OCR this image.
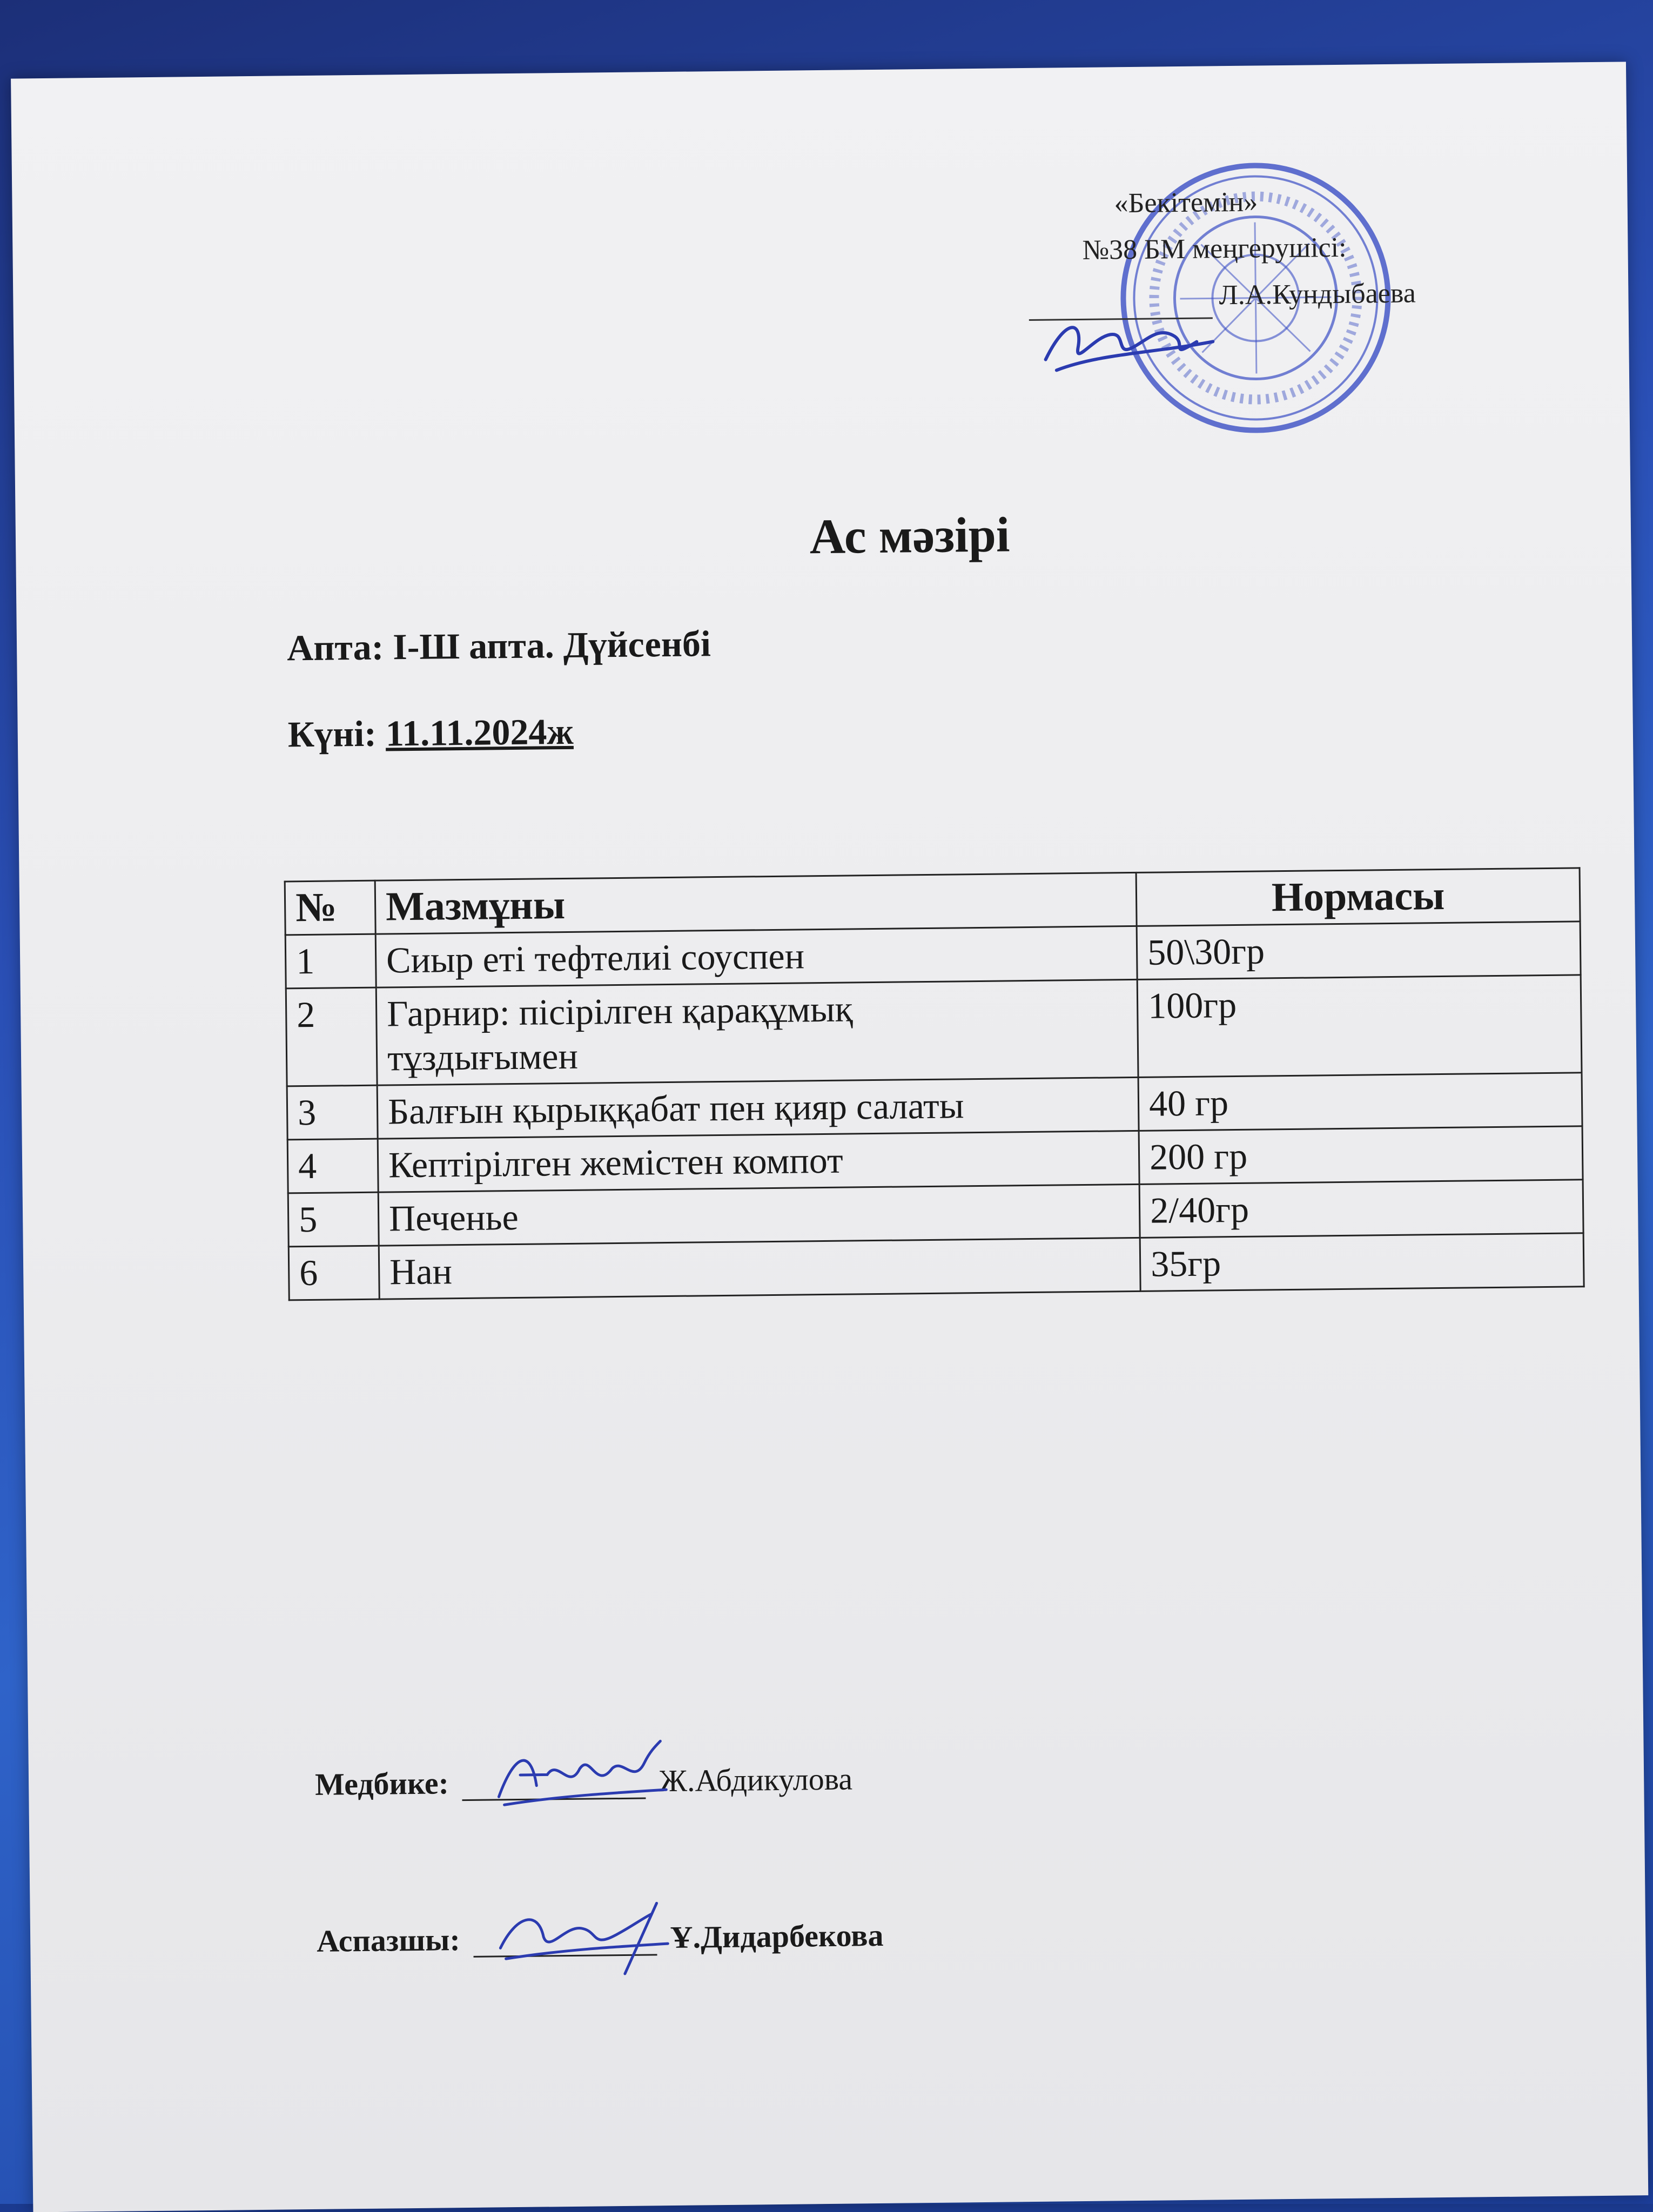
«Бекітемін»
№38 БМ меңгерушісі:
Л.А.Кундыбаева
Ас мәзірі
Апта: І-Ш апта. Дүйсенбі
Күні: 11.11.2024ж
№	Мазмұны	Нормасы
1	Сиыр еті тефтелиі соуспен	50\30гр
2	Гарнир: пісірілген қарақұмық тұздығымен	100гр
3	Балғын қырыққабат пен қияр салаты	40 гр
4	Кептірілген жемістен компот	200 гр
5	Печенье	2/40гр
6	Нан	35гр
Медбике:	Ж.Абдикулова
Аспазшы:	Ұ.Дидарбекова
